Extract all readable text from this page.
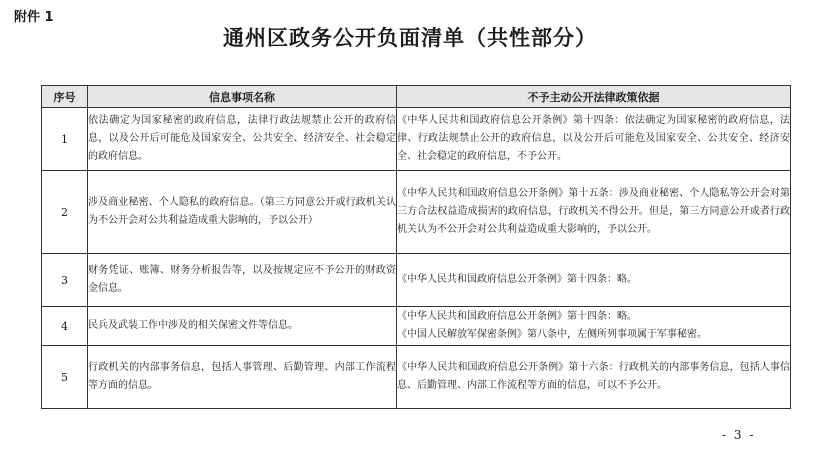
附件 1
通州区政务公开负面清单（共性部分）
序号	信息事项名称	不予主动公开法律政策依据
1	依法确定为国家秘密的政府信息，法律行政法规禁止公开的政府信息，以及公开后可能危及国家安全、公共安全、经济安全、社会稳定的政府信息。	《中华人民共和国政府信息公开条例》第十四条：依法确定为国家秘密的政府信息，法律、行政法规禁止公开的政府信息，以及公开后可能危及国家安全、公共安全、经济安全、社会稳定的政府信息，不予公开。

2	涉及商业秘密、个人隐私的政府信息。（第三方同意公开或行政机关认为不公开会对公共利益造成重大影响的，予以公开）	《中华人民共和国政府信息公开条例》第十五条：涉及商业秘密、个人隐私等公开会对第三方合法权益造成损害的政府信息，行政机关不得公开。但是，第三方同意公开或者行政机关认为不公开会对公共利益造成重大影响的，予以公开。

3	财务凭证、账簿、财务分析报告等，以及按规定应不予公开的财政资金信息。	《中华人民共和国政府信息公开条例》第十四条：略。

4	民兵及武装工作中涉及的相关保密文件等信息。	《中华人民共和国政府信息公开条例》第十四条：略。
《中国人民解放军保密条例》第八条中，左侧所列事项属于军事秘密。

5	行政机关的内部事务信息，包括人事管理、后勤管理、内部工作流程等方面的信息。	《中华人民共和国政府信息公开条例》第十六条：行政机关的内部事务信息，包括人事信息、后勤管理、内部工作流程等方面的信息，可以不予公开。
- 3 -
